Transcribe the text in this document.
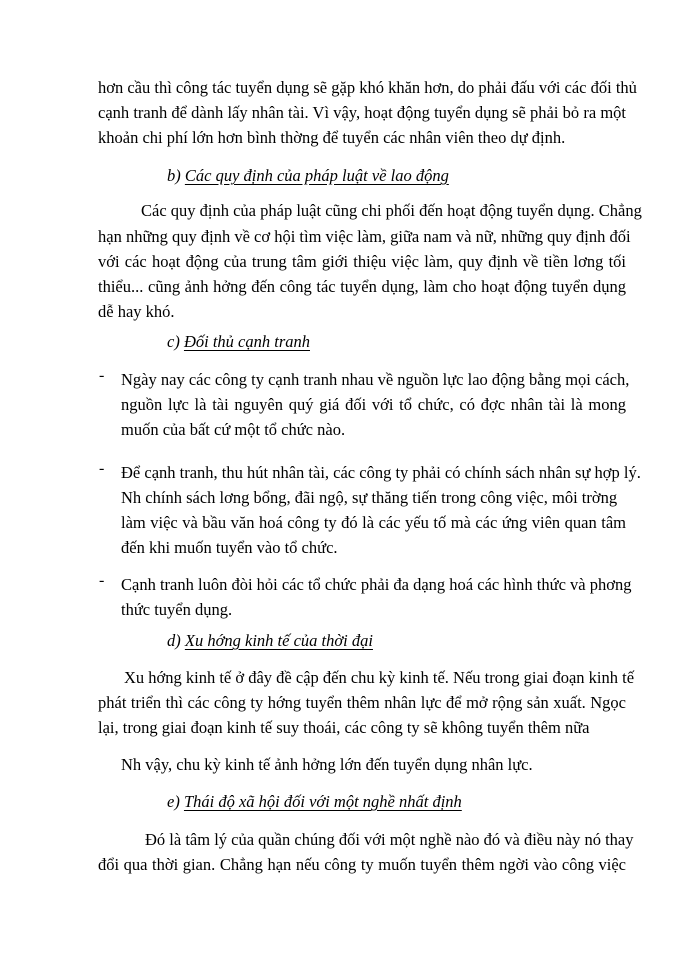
hơn cầu thì công tác tuyển dụng sẽ gặp khó khăn hơn, do phải đấu với các đối thủ
cạnh tranh để dành lấy nhân tài. Vì vậy, hoạt động tuyển dụng sẽ phải bỏ ra một
khoản chi phí lớn hơn bình thờng để tuyển các nhân viên theo dự định.
b) Các quy định của pháp luật về lao động
Các quy định của pháp luật cũng chi phối đến hoạt động tuyển dụng. Chẳng
hạn những quy định về cơ hội tìm việc làm, giữa nam và nữ, những quy định đối
với các hoạt động của trung tâm giới thiệu việc làm, quy định về tiền lơng tối
thiểu... cũng ảnh hởng đến công tác tuyển dụng, làm cho hoạt động tuyển dụng
dễ hay khó.
c) Đối thủ cạnh tranh
- Ngày nay các công ty cạnh tranh nhau về nguồn lực lao động bằng mọi cách,
nguồn lực là tài nguyên quý giá đối với tổ chức, có đợc nhân tài là mong
muốn của bất cứ một tổ chức nào.
- Để cạnh tranh, thu hút nhân tài, các công ty phải có chính sách nhân sự hợp lý.
Nh chính sách lơng bổng, đãi ngộ, sự thăng tiến trong công việc, môi trờng
làm việc và bầu văn hoá công ty đó là các yếu tố mà các ứng viên quan tâm
đến khi muốn tuyển vào tổ chức.
- Cạnh tranh luôn đòi hỏi các tổ chức phải đa dạng hoá các hình thức và phơng
thức tuyển dụng.
d) Xu hớng kinh tế của thời đại
Xu hớng kinh tế ở đây đề cập đến chu kỳ kinh tế. Nếu trong giai đoạn kinh tế
phát triển thì các công ty hớng tuyển thêm nhân lực để mở rộng sản xuất. Ngọc
lại, trong giai đoạn kinh tế suy thoái, các công ty sẽ không tuyển thêm nữa
Nh vậy, chu kỳ kinh tế ảnh hởng lớn đến tuyển dụng nhân lực.
e) Thái độ xã hội đối với một nghề nhất định
Đó là tâm lý của quần chúng đối với một nghề nào đó và điều này nó thay
đổi qua thời gian. Chẳng hạn nếu công ty muốn tuyển thêm ngời vào công việc
